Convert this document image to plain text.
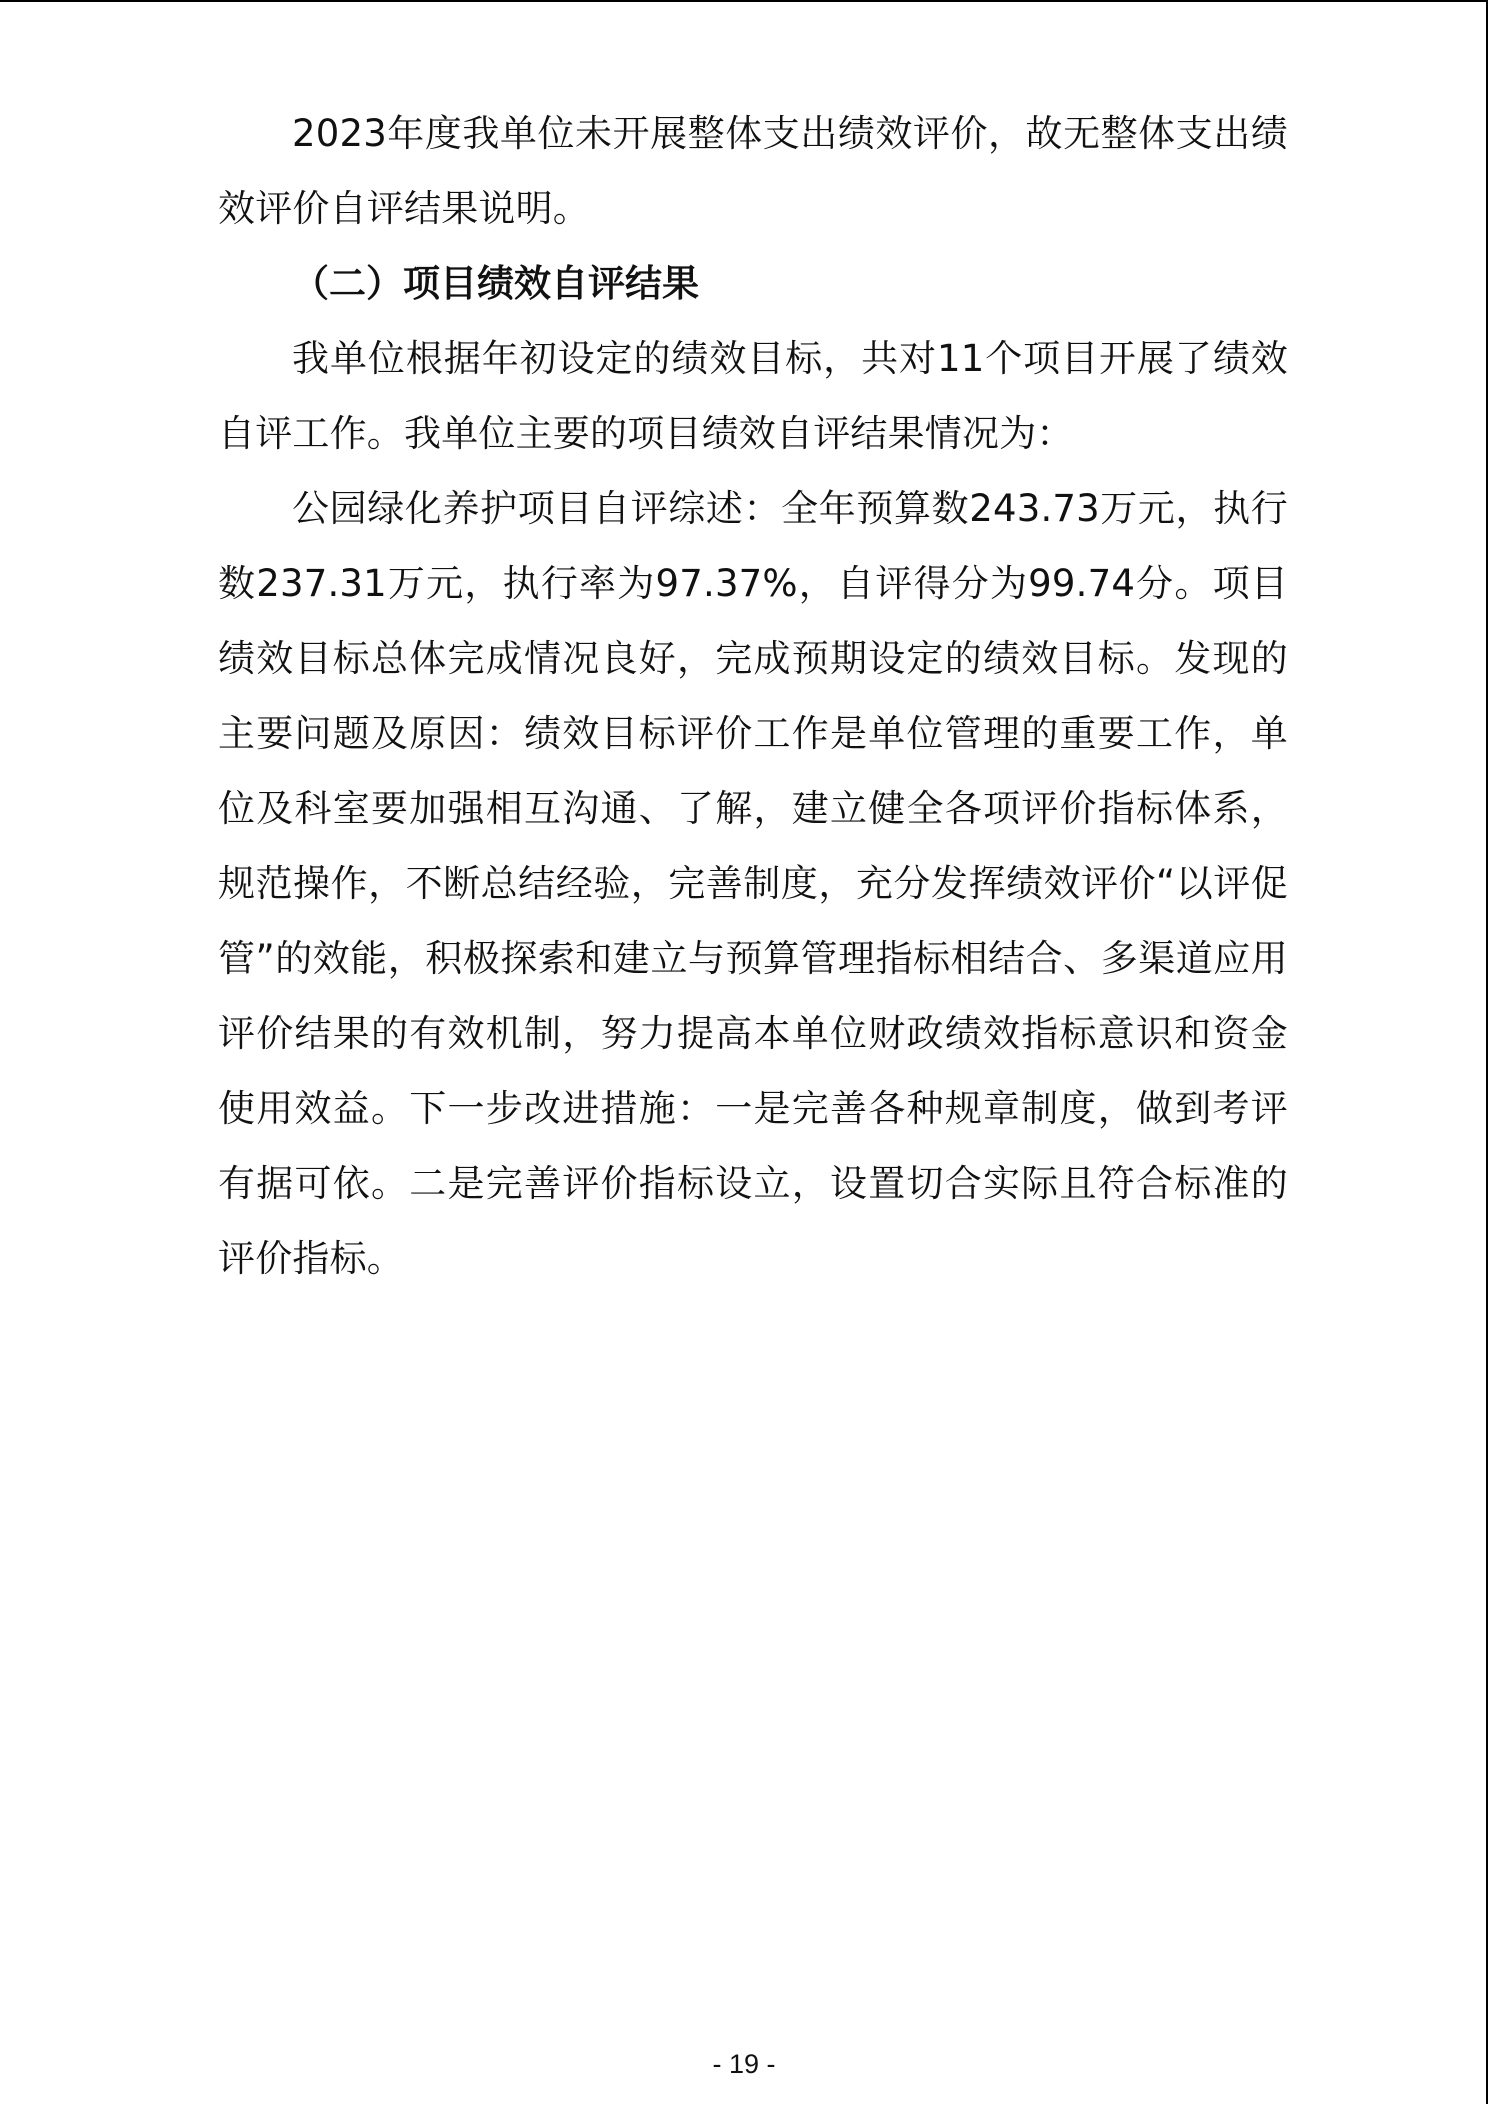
2023年度我单位未开展整体支出绩效评价，故无整体支出绩效评价自评结果说明。

（二）项目绩效自评结果

我单位根据年初设定的绩效目标，共对11个项目开展了绩效自评工作。我单位主要的项目绩效自评结果情况为：

公园绿化养护项目自评综述：全年预算数243.73万元，执行数237.31万元，执行率为97.37%，自评得分为99.74分。项目绩效目标总体完成情况良好，完成预期设定的绩效目标。发现的主要问题及原因：绩效目标评价工作是单位管理的重要工作，单位及科室要加强相互沟通、了解，建立健全各项评价指标体系，规范操作，不断总结经验，完善制度，充分发挥绩效评价“以评促管”的效能，积极探索和建立与预算管理指标相结合、多渠道应用评价结果的有效机制，努力提高本单位财政绩效指标意识和资金使用效益。下一步改进措施：一是完善各种规章制度，做到考评有据可依。二是完善评价指标设立，设置切合实际且符合标准的评价指标。

- 19 -
